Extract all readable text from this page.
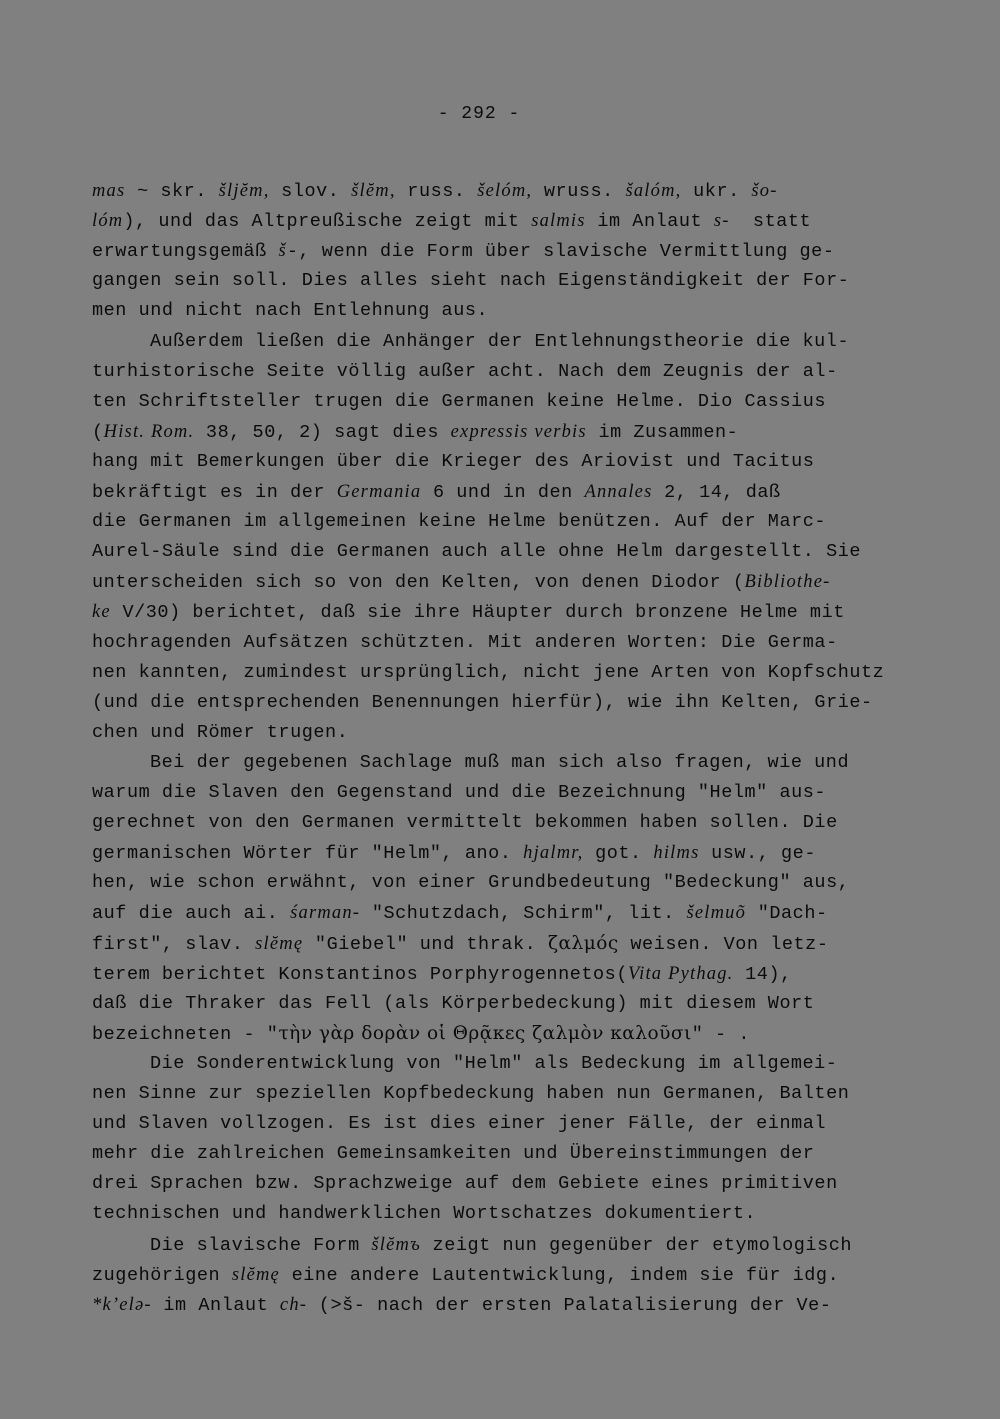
- 292 -
mas ~ skr. šljĕm, slov. šlĕm, russ. šelóm, wruss. šalóm, ukr. šo-
lóm), und das Altpreußische zeigt mit salmis im Anlaut s-  statt
erwartungsgemäß š-, wenn die Form über slavische Vermittlung ge-
gangen sein soll. Dies alles sieht nach Eigenständigkeit der For-
men und nicht nach Entlehnung aus.
Außerdem ließen die Anhänger der Entlehnungstheorie die kul-
turhistorische Seite völlig außer acht. Nach dem Zeugnis der al-
ten Schriftsteller trugen die Germanen keine Helme. Dio Cassius
(Hist. Rom. 38, 50, 2) sagt dies expressis verbis im Zusammen-
hang mit Bemerkungen über die Krieger des Ariovist und Tacitus
bekräftigt es in der Germania 6 und in den Annales 2, 14, daß
die Germanen im allgemeinen keine Helme benützen. Auf der Marc-
Aurel-Säule sind die Germanen auch alle ohne Helm dargestellt. Sie
unterscheiden sich so von den Kelten, von denen Diodor (Bibliothe-
ke V/30) berichtet, daß sie ihre Häupter durch bronzene Helme mit
hochragenden Aufsätzen schützten. Mit anderen Worten: Die Germa-
nen kannten, zumindest ursprünglich, nicht jene Arten von Kopfschutz
(und die entsprechenden Benennungen hierfür), wie ihn Kelten, Grie-
chen und Römer trugen.
Bei der gegebenen Sachlage muß man sich also fragen, wie und
warum die Slaven den Gegenstand und die Bezeichnung "Helm" aus-
gerechnet von den Germanen vermittelt bekommen haben sollen. Die
germanischen Wörter für "Helm", ano. hjalmr, got. hilms usw., ge-
hen, wie schon erwähnt, von einer Grundbedeutung "Bedeckung" aus,
auf die auch ai. śarman- "Schutzdach, Schirm", lit. šelmuõ "Dach-
first", slav. slĕmę "Giebel" und thrak. ζαλμός weisen. Von letz-
terem berichtet Konstantinos Porphyrogennetos(Vita Pythag. 14),
daß die Thraker das Fell (als Körperbedeckung) mit diesem Wort
bezeichneten - "τὴν γὰρ δορὰν οἱ Θρᾷκες ζαλμὸν καλοῦσι" - .
Die Sonderentwicklung von "Helm" als Bedeckung im allgemei-
nen Sinne zur speziellen Kopfbedeckung haben nun Germanen, Balten
und Slaven vollzogen. Es ist dies einer jener Fälle, der einmal
mehr die zahlreichen Gemeinsamkeiten und Übereinstimmungen der
drei Sprachen bzw. Sprachzweige auf dem Gebiete eines primitiven
technischen und handwerklichen Wortschatzes dokumentiert.
Die slavische Form šlĕmъ zeigt nun gegenüber der etymologisch
zugehörigen slĕmę eine andere Lautentwicklung, indem sie für idg.
*k’elə- im Anlaut ch- (>š- nach der ersten Palatalisierung der Ve-
